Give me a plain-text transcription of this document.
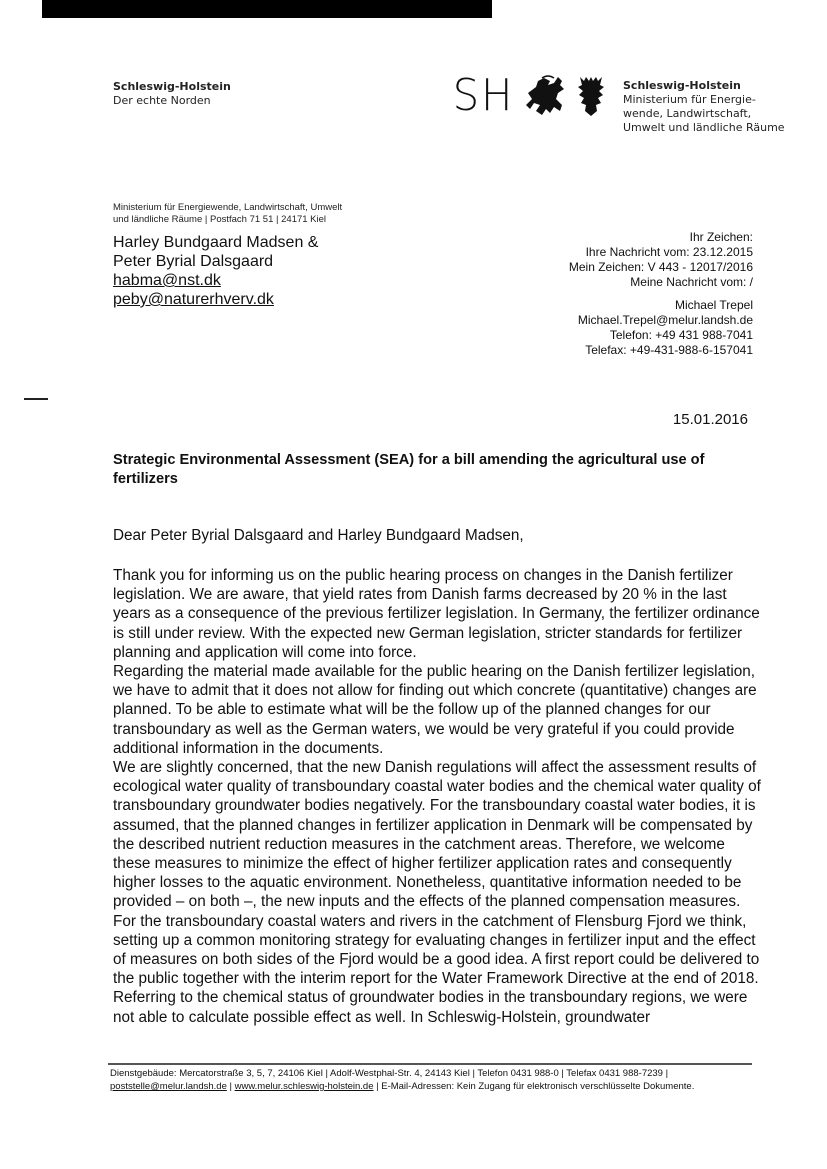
Schleswig-Holstein
Der echte Norden	SH	Schleswig-Holstein
Ministerium für Energie-
wende, Landwirtschaft,
Umwelt und ländliche Räume
Ministerium für Energiewende, Landwirtschaft, Umwelt
und ländliche Räume | Postfach 71 51 | 24171 Kiel
Harley Bundgaard Madsen &
Peter Byrial Dalsgaard
habma@nst.dk
peby@naturerhverv.dk
Ihr Zeichen:
Ihre Nachricht vom: 23.12.2015
Mein Zeichen: V 443 - 12017/2016
Meine Nachricht vom: /
Michael Trepel
Michael.Trepel@melur.landsh.de
Telefon: +49 431 988-7041
Telefax: +49-431-988-6-157041
15.01.2016
Strategic Environmental Assessment (SEA) for a bill amending the agricultural use of fertilizers
Dear Peter Byrial Dalsgaard and Harley Bundgaard Madsen,

Thank you for informing us on the public hearing process on changes in the Danish fertilizer legislation. We are aware, that yield rates from Danish farms decreased by 20 % in the last years as a consequence of the previous fertilizer legislation. In Germany, the fertilizer ordinance is still under review. With the expected new German legislation, stricter standards for fertilizer planning and application will come into force.

Regarding the material made available for the public hearing on the Danish fertilizer legislation, we have to admit that it does not allow for finding out which concrete (quantitative) changes are planned. To be able to estimate what will be the follow up of the planned changes for our transboundary as well as the German waters, we would be very grateful if you could provide additional information in the documents.

We are slightly concerned, that the new Danish regulations will affect the assessment results of ecological water quality of transboundary coastal water bodies and the chemical water quality of transboundary groundwater bodies negatively. For the transboundary coastal water bodies, it is assumed, that the planned changes in fertilizer application in Denmark will be compensated by the described nutrient reduction measures in the catchment areas. Therefore, we welcome these measures to minimize the effect of higher fertilizer application rates and consequently higher losses to the aquatic environment. Nonetheless, quantitative information needed to be provided – on both –, the new inputs and the effects of the planned compensation measures. For the transboundary coastal waters and rivers in the catchment of Flensburg Fjord we think, setting up a common monitoring strategy for evaluating changes in fertilizer input and the effect of measures on both sides of the Fjord would be a good idea. A first report could be delivered to the public together with the interim report for the Water Framework Directive at the end of 2018.

Referring to the chemical status of groundwater bodies in the transboundary regions, we were not able to calculate possible effect as well. In Schleswig-Holstein, groundwater

Dienstgebäude: Mercatorstraße 3, 5, 7, 24106 Kiel | Adolf-Westphal-Str. 4, 24143 Kiel | Telefon 0431 988-0 | Telefax 0431 988-7239 |
poststelle@melur.landsh.de | www.melur.schleswig-holstein.de | E-Mail-Adressen: Kein Zugang für elektronisch verschlüsselte Dokumente.
